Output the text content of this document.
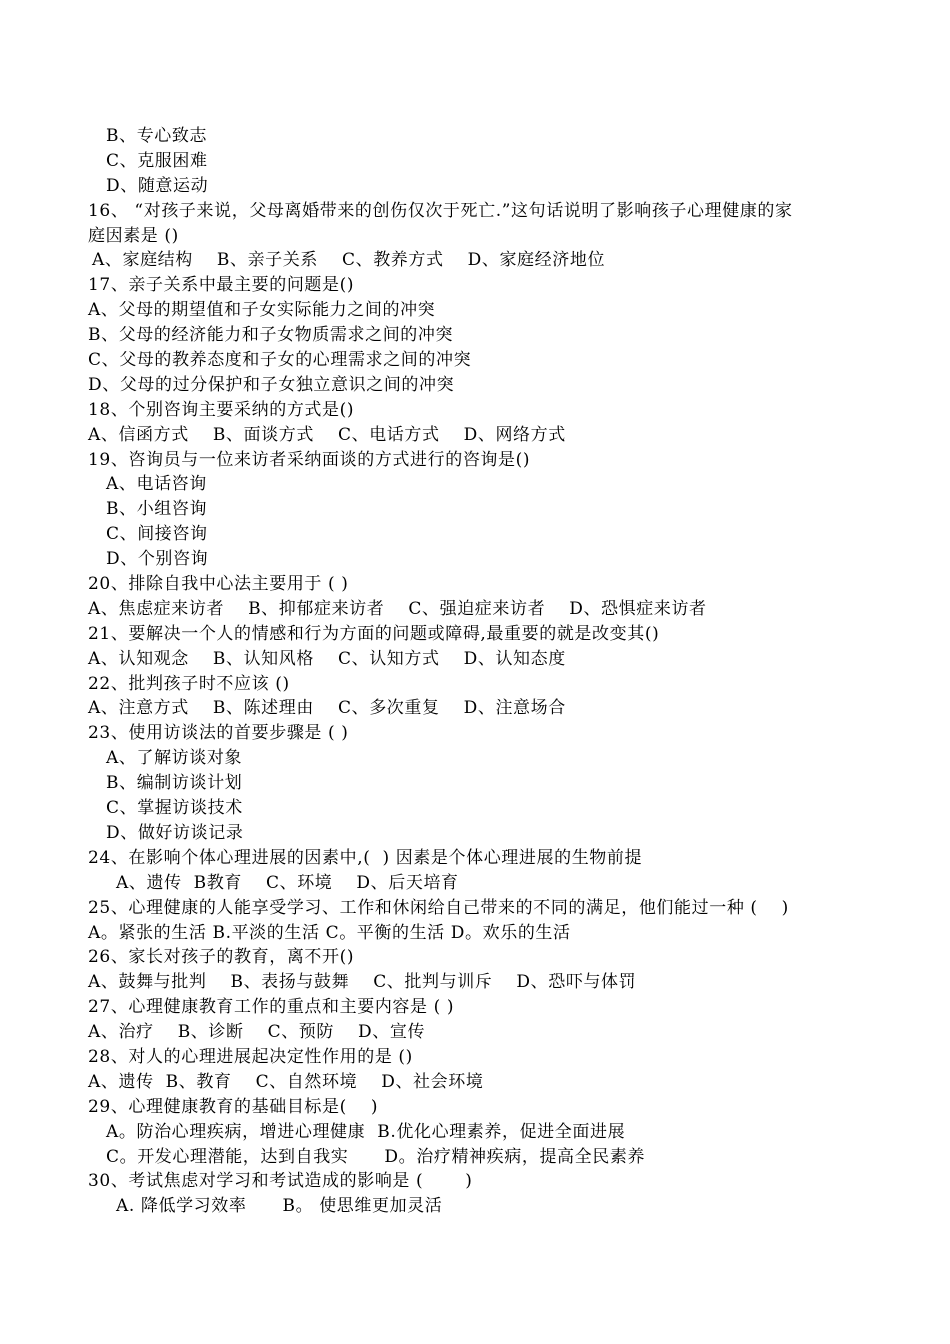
B、专心致志
C、克服困难
D、随意运动
16、 “对孩子来说，父母离婚带来的创伤仅次于死亡.”这句话说明了影响孩子心理健康的家
庭因素是 ()
A、家庭结构    B、亲子关系    C、教养方式    D、家庭经济地位
17、亲子关系中最主要的问题是()
A、父母的期望值和子女实际能力之间的冲突
B、父母的经济能力和子女物质需求之间的冲突
C、父母的教养态度和子女的心理需求之间的冲突
D、父母的过分保护和子女独立意识之间的冲突
18、个别咨询主要采纳的方式是()
A、信函方式    B、面谈方式    C、电话方式    D、网络方式
19、咨询员与一位来访者采纳面谈的方式进行的咨询是()
A、电话咨询
B、小组咨询
C、间接咨询
D、个别咨询
20、排除自我中心法主要用于 ( )
A、焦虑症来访者    B、抑郁症来访者    C、强迫症来访者    D、恐惧症来访者
21、要解决一个人的情感和行为方面的问题或障碍,最重要的就是改变其()
A、认知观念    B、认知风格    C、认知方式    D、认知态度
22、批判孩子时不应该 ()
A、注意方式    B、陈述理由    C、多次重复    D、注意场合
23、使用访谈法的首要步骤是 ( )
A、了解访谈对象
B、编制访谈计划
C、掌握访谈技术
D、做好访谈记录
24、在影响个体心理进展的因素中,(  ) 因素是个体心理进展的生物前提
A、遗传  B教育    C、环境    D、后天培育
25、心理健康的人能享受学习、工作和休闲给自己带来的不同的满足，他们能过一种 (    )
A。紧张的生活 B.平淡的生活 C。平衡的生活 D。欢乐的生活
26、家长对孩子的教育，离不开()
A、鼓舞与批判    B、表扬与鼓舞    C、批判与训斥    D、恐吓与体罚
27、心理健康教育工作的重点和主要内容是 ( )
A、治疗    B、诊断    C、预防    D、宣传
28、对人的心理进展起决定性作用的是 ()
A、遗传  B、教育    C、自然环境    D、社会环境
29、心理健康教育的基础目标是(    )
A。防治心理疾病，增进心理健康  B.优化心理素养，促进全面进展
C。开发心理潜能，达到自我实      D。治疗精神疾病，提高全民素养
30、考试焦虑对学习和考试造成的影响是 (       )
A. 降低学习效率      B。 使思维更加灵活
